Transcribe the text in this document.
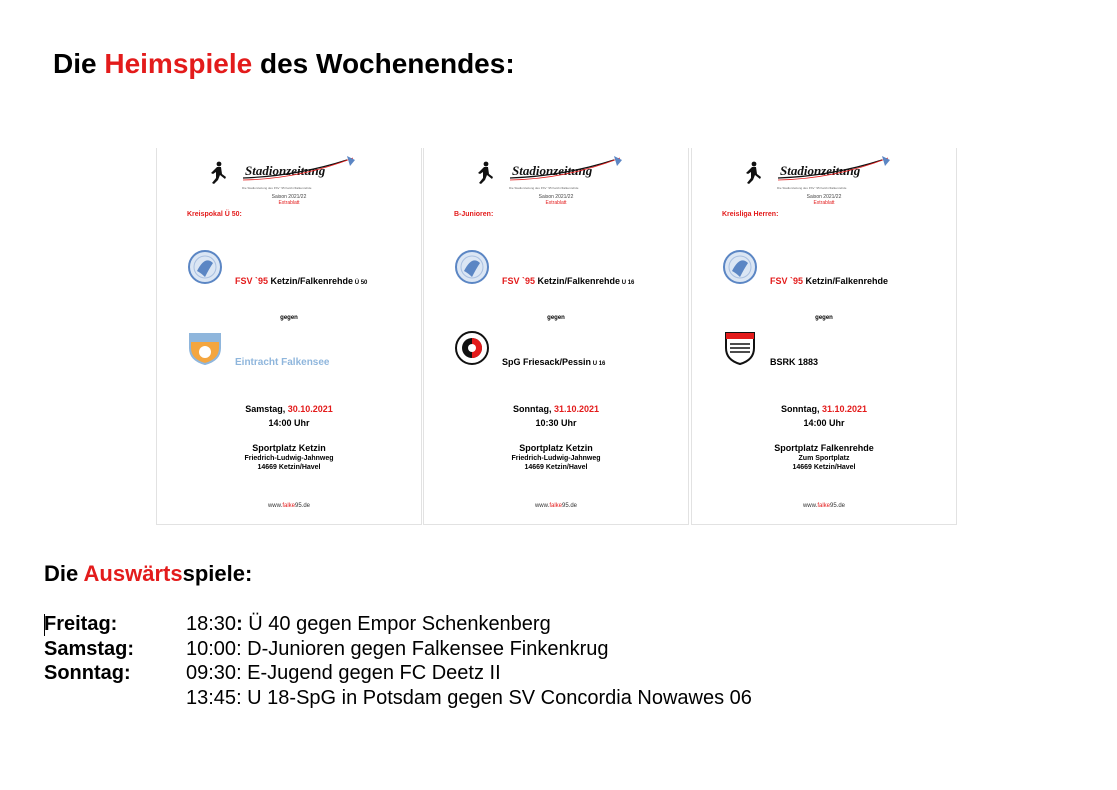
Die Heimspiele des Wochenendes:
Stadionzeitung
Die Stadionzeitung des FSV `95 Ketzin/Falkenrehde
Saison 2021/22
Extrablatt
Kreispokal Ü 50:
FSV `95 Ketzin/Falkenrehde Ü 50
gegen
Eintracht Falkensee
Samstag, 30.10.2021
14:00 Uhr
Sportplatz Ketzin
Friedrich-Ludwig-Jahnweg
14669 Ketzin/Havel
www.falke95.de
Stadionzeitung
Die Stadionzeitung des FSV `95 Ketzin/Falkenrehde
Saison 2021/22
Extrablatt
B-Junioren:
FSV `95 Ketzin/Falkenrehde U 16
gegen
SpG Friesack/Pessin U 16
Sonntag, 31.10.2021
10:30 Uhr
Sportplatz Ketzin
Friedrich-Ludwig-Jahnweg
14669 Ketzin/Havel
www.falke95.de
Stadionzeitung
Die Stadionzeitung des FSV `95 Ketzin/Falkenrehde
Saison 2021/22
Extrablatt
Kreisliga Herren:
FSV `95 Ketzin/Falkenrehde
gegen
BSRK 1883
Sonntag, 31.10.2021
14:00 Uhr
Sportplatz Falkenrehde
Zum Sportplatz
14669 Ketzin/Havel
www.falke95.de
Die Auswärtsspiele:
Freitag:	18:30: Ü 40 gegen Empor Schenkenberg
Samstag:	10:00: D-Junioren gegen Falkensee Finkenkrug
Sonntag:	09:30: E-Jugend gegen FC Deetz II
13:45: U 18-SpG in Potsdam gegen SV Concordia Nowawes 06
